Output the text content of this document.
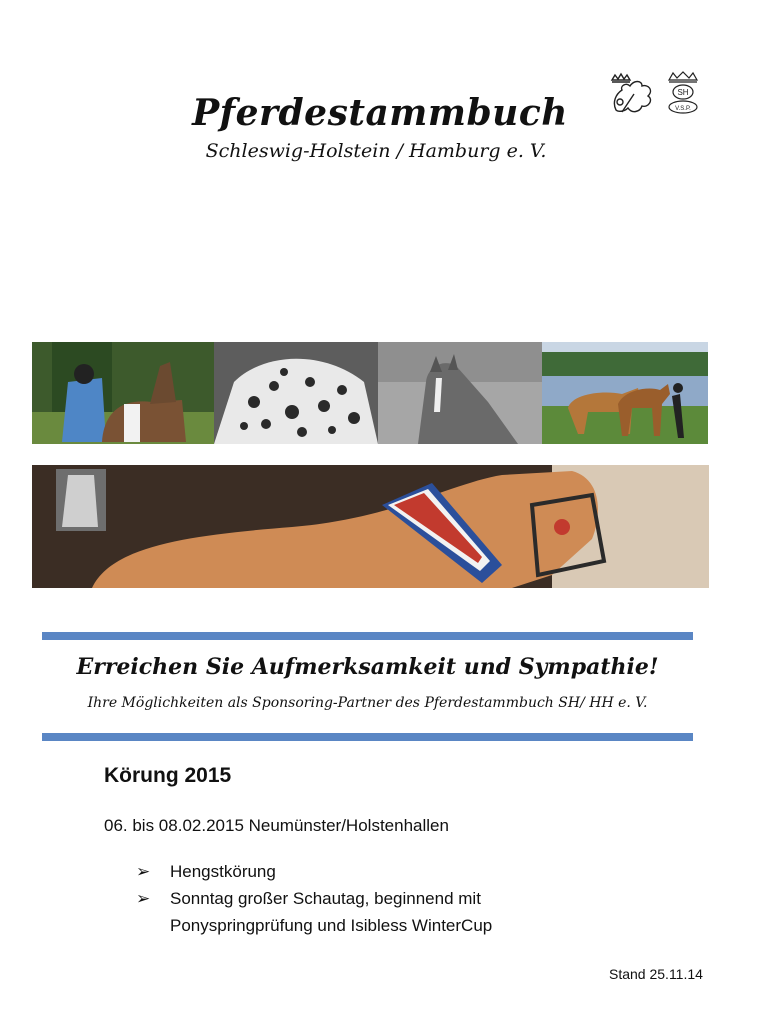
Pferdestammbuch
Schleswig-Holstein / Hamburg e. V.
SH
V.S.P.
Erreichen Sie Aufmerksamkeit und Sympathie!
Ihre Möglichkeiten als Sponsoring-Partner des Pferdestammbuch SH/ HH e. V.
Körung 2015
06. bis 08.02.2015 Neumünster/Holstenhallen
➢ Hengstkörung
➢ Sonntag großer Schautag, beginnend mit Ponyspringprüfung und Isibless WinterCup
Stand 25.11.14
